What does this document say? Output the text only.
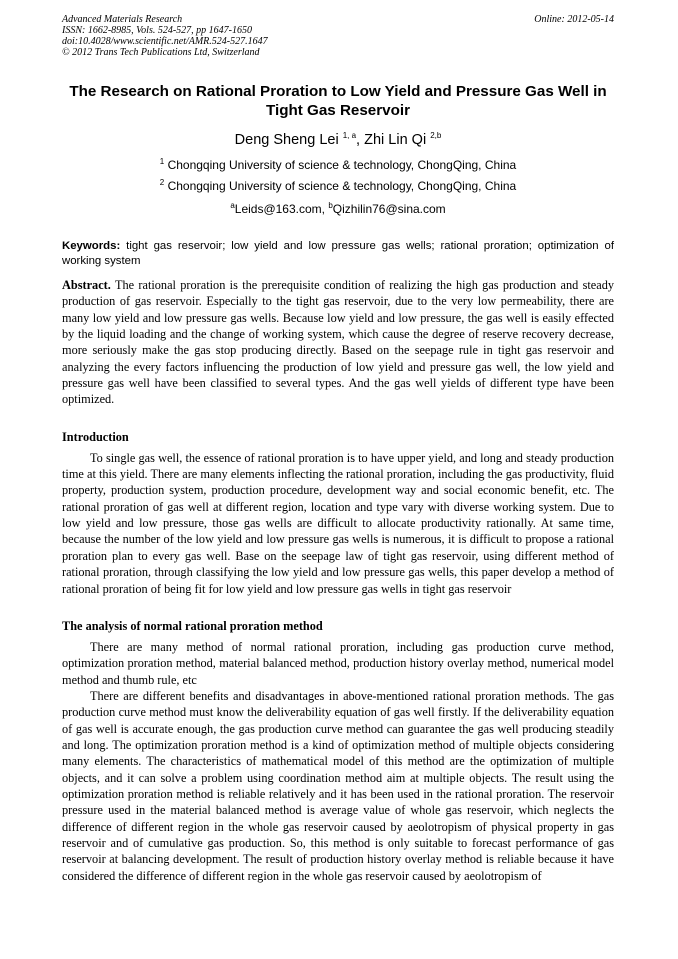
Advanced Materials Research	Online: 2012-05-14
ISSN: 1662-8985, Vols. 524-527, pp 1647-1650
doi:10.4028/www.scientific.net/AMR.524-527.1647
© 2012 Trans Tech Publications Ltd, Switzerland
The Research on Rational Proration to Low Yield and Pressure Gas Well in Tight Gas Reservoir
Deng Sheng Lei $^{1, a}$, Zhi Lin Qi $^{2,b}$
$^1$ Chongqing University of science & technology, ChongQing, China
$^2$ Chongqing University of science & technology, ChongQing, China
$^a$Leids@163.com, $^b$Qizhilin76@sina.com
Keywords: tight gas reservoir; low yield and low pressure gas wells; rational proration; optimization of working system
Abstract. The rational proration is the prerequisite condition of realizing the high gas production and steady production of gas reservoir. Especially to the tight gas reservoir, due to the very low permeability, there are many low yield and low pressure gas wells. Because low yield and low pressure, the gas well is easily effected by the liquid loading and the change of working system, which cause the degree of reserve recovery decrease, more seriously make the gas stop producing directly. Based on the seepage rule in tight gas reservoir and analyzing the every factors influencing the production of low yield and pressure gas well, the low yield and pressure gas well have been classified to several types. And the gas well yields of different type have been optimized.
Introduction
To single gas well, the essence of rational proration is to have upper yield, and long and steady production time at this yield. There are many elements inflecting the rational proration, including the gas productivity, fluid property, production system, production procedure, development way and social economic benefit, etc. The rational proration of gas well at different region, location and type vary with diverse working system. Due to low yield and low pressure, those gas wells are difficult to allocate productivity rationally. At same time, because the number of the low yield and low pressure gas wells is numerous, it is difficult to propose a rational proration plan to every gas well. Base on the seepage law of tight gas reservoir, using different method of rational proration, through classifying the low yield and low pressure gas wells, this paper develop a method of rational proration of being fit for low yield and low pressure gas wells in tight gas reservoir
The analysis of normal rational proration method
There are many method of normal rational proration, including gas production curve method, optimization proration method, material balanced method, production history overlay method, numerical model method and thumb rule, etc
There are different benefits and disadvantages in above-mentioned rational proration methods. The gas production curve method must know the deliverability equation of gas well firstly. If the deliverability equation of gas well is accurate enough, the gas production curve method can guarantee the gas well producing steadily and long. The optimization proration method is a kind of optimization method of multiple objects considering many elements. The characteristics of mathematical model of this method are the optimization of multiple objects, and it can solve a problem using coordination method aim at multiple objects. The result using the optimization proration method is reliable relatively and it has been used in the rational proration. The reservoir pressure used in the material balanced method is average value of whole gas reservoir, which neglects the difference of different region in the whole gas reservoir caused by aeolotropism of physical property in gas reservoir and of cumulative gas production. So, this method is only suitable to forecast performance of gas reservoir at balancing development. The result of production history overlay method is reliable because it have considered the difference of different region in the whole gas reservoir caused by aeolotropism of
